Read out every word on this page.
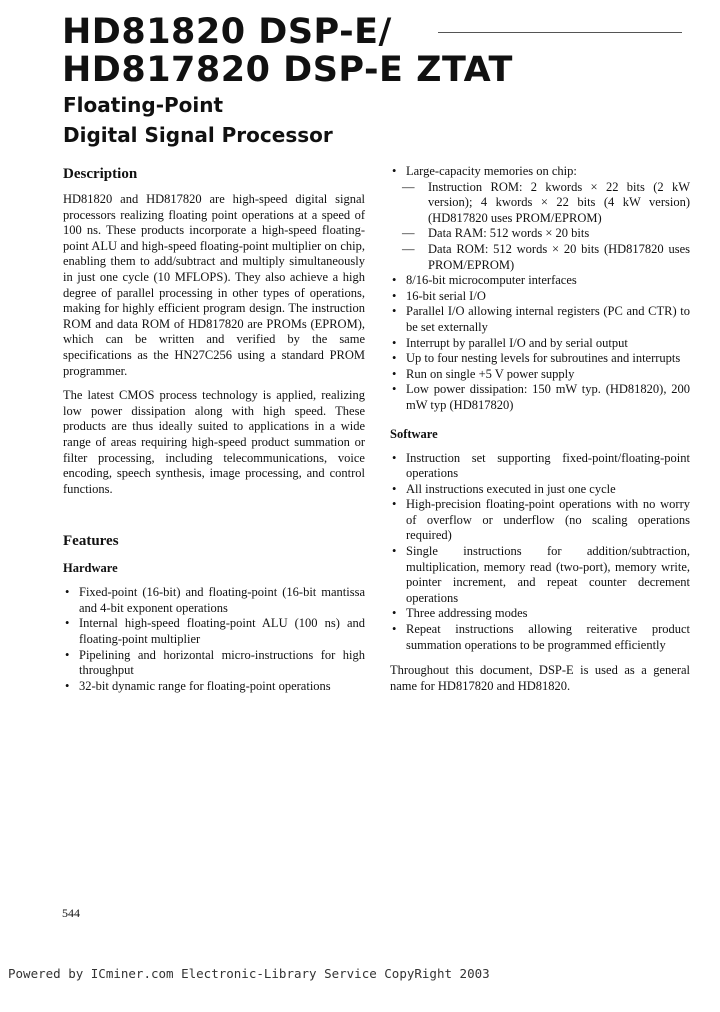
HD81820 DSP-E/
HD817820 DSP-E ZTAT
Floating-Point
Digital Signal Processor
Description

HD81820 and HD817820 are high-speed digital signal processors realizing floating point operations at a speed of 100 ns. These products incorporate a high-speed floating-point ALU and high-speed floating-point multiplier on chip, enabling them to add/subtract and multiply simultaneously in just one cycle (10 MFLOPS). They also achieve a high degree of parallel processing in other types of operations, making for highly efficient program design. The instruction ROM and data ROM of HD817820 are PROMs (EPROM), which can be written and verified by the same specifications as the HN27C256 using a standard PROM programmer.

The latest CMOS process technology is applied, realizing low power dissipation along with high speed. These products are thus ideally suited to applications in a wide range of areas requiring high-speed product summation or filter processing, including telecommunications, voice encoding, speech synthesis, image processing, and control functions.

Features
Hardware
• Fixed-point (16-bit) and floating-point (16-bit mantissa and 4-bit exponent operations
• Internal high-speed floating-point ALU (100 ns) and floating-point multiplier
• Pipelining and horizontal micro-instructions for high throughput
• 32-bit dynamic range for floating-point operations
• Large-capacity memories on chip:
— Instruction ROM: 2 kwords × 22 bits (2 kW version); 4 kwords × 22 bits (4 kW version) (HD817820 uses PROM/EPROM)
— Data RAM: 512 words × 20 bits
— Data ROM: 512 words × 20 bits (HD817820 uses PROM/EPROM)
• 8/16-bit microcomputer interfaces
• 16-bit serial I/O
• Parallel I/O allowing internal registers (PC and CTR) to be set externally
• Interrupt by parallel I/O and by serial output
• Up to four nesting levels for subroutines and interrupts
• Run on single +5 V power supply
• Low power dissipation: 150 mW typ. (HD81820), 200 mW typ (HD817820)
Software
• Instruction set supporting fixed-point/floating-point operations
• All instructions executed in just one cycle
• High-precision floating-point operations with no worry of overflow or underflow (no scaling operations required)
• Single instructions for addition/subtraction, multiplication, memory read (two-port), memory write, pointer increment, and repeat counter decrement operations
• Three addressing modes
• Repeat instructions allowing reiterative product summation operations to be programmed efficiently

Throughout this document, DSP-E is used as a general name for HD817820 and HD81820.

544
Powered by ICminer.com Electronic-Library Service CopyRight 2003
